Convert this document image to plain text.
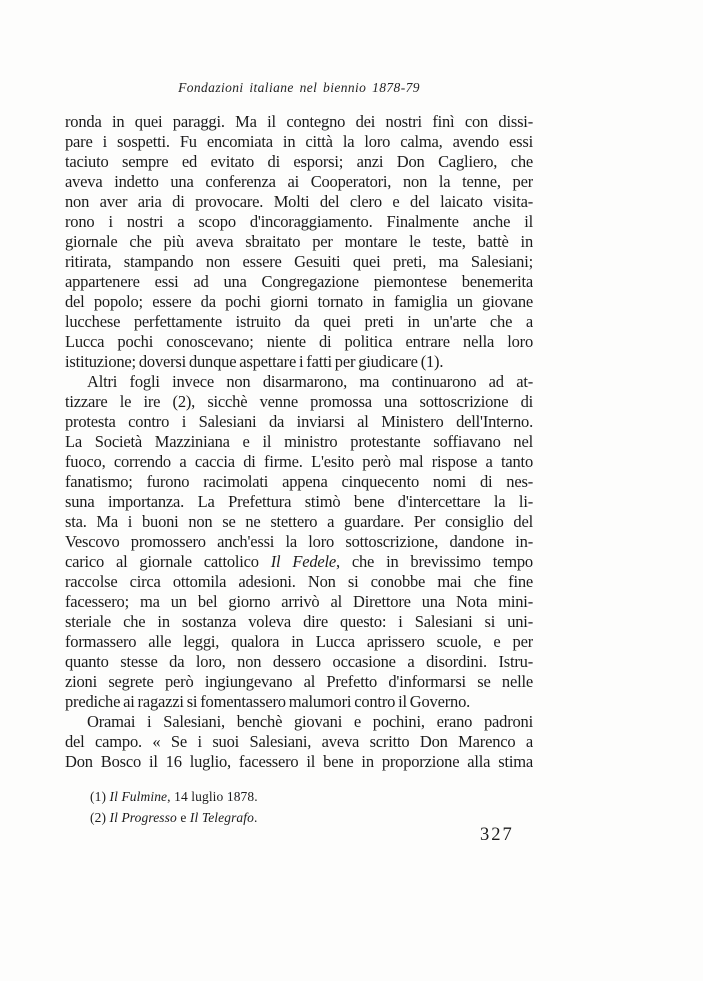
Fondazioni italiane nel biennio 1878-79
ronda in quei paraggi. Ma il contegno dei nostri finì con dissi-
pare i sospetti. Fu encomiata in città la loro calma, avendo essi
taciuto sempre ed evitato di esporsi; anzi Don Cagliero, che
aveva indetto una conferenza ai Cooperatori, non la tenne, per
non aver aria di provocare. Molti del clero e del laicato visita-
rono i nostri a scopo d'incoraggiamento. Finalmente anche il
giornale che più aveva sbraitato per montare le teste, battè in
ritirata, stampando non essere Gesuiti quei preti, ma Salesiani;
appartenere essi ad una Congregazione piemontese benemerita
del popolo; essere da pochi giorni tornato in famiglia un giovane
lucchese perfettamente istruito da quei preti in un'arte che a
Lucca pochi conoscevano; niente di politica entrare nella loro
istituzione; doversi dunque aspettare i fatti per giudicare (1).
Altri fogli invece non disarmarono, ma continuarono ad at-
tizzare le ire (2), sicchè venne promossa una sottoscrizione di
protesta contro i Salesiani da inviarsi al Ministero dell'Interno.
La Società Mazziniana e il ministro protestante soffiavano nel
fuoco, correndo a caccia di firme. L'esito però mal rispose a tanto
fanatismo; furono racimolati appena cinquecento nomi di nes-
suna importanza. La Prefettura stimò bene d'intercettare la li-
sta. Ma i buoni non se ne stettero a guardare. Per consiglio del
Vescovo promossero anch'essi la loro sottoscrizione, dandone in-
carico al giornale cattolico Il Fedele, che in brevissimo tempo
raccolse circa ottomila adesioni. Non si conobbe mai che fine
facessero; ma un bel giorno arrivò al Direttore una Nota mini-
steriale che in sostanza voleva dire questo: i Salesiani si uni-
formassero alle leggi, qualora in Lucca aprissero scuole, e per
quanto stesse da loro, non dessero occasione a disordini. Istru-
zioni segrete però ingiungevano al Prefetto d'informarsi se nelle
prediche ai ragazzi si fomentassero malumori contro il Governo.
Oramai i Salesiani, benchè giovani e pochini, erano padroni
del campo. « Se i suoi Salesiani, aveva scritto Don Marenco a
Don Bosco il 16 luglio, facessero il bene in proporzione alla stima
(1) Il Fulmine, 14 luglio 1878.
(2) Il Progresso e Il Telegrafo.
327
